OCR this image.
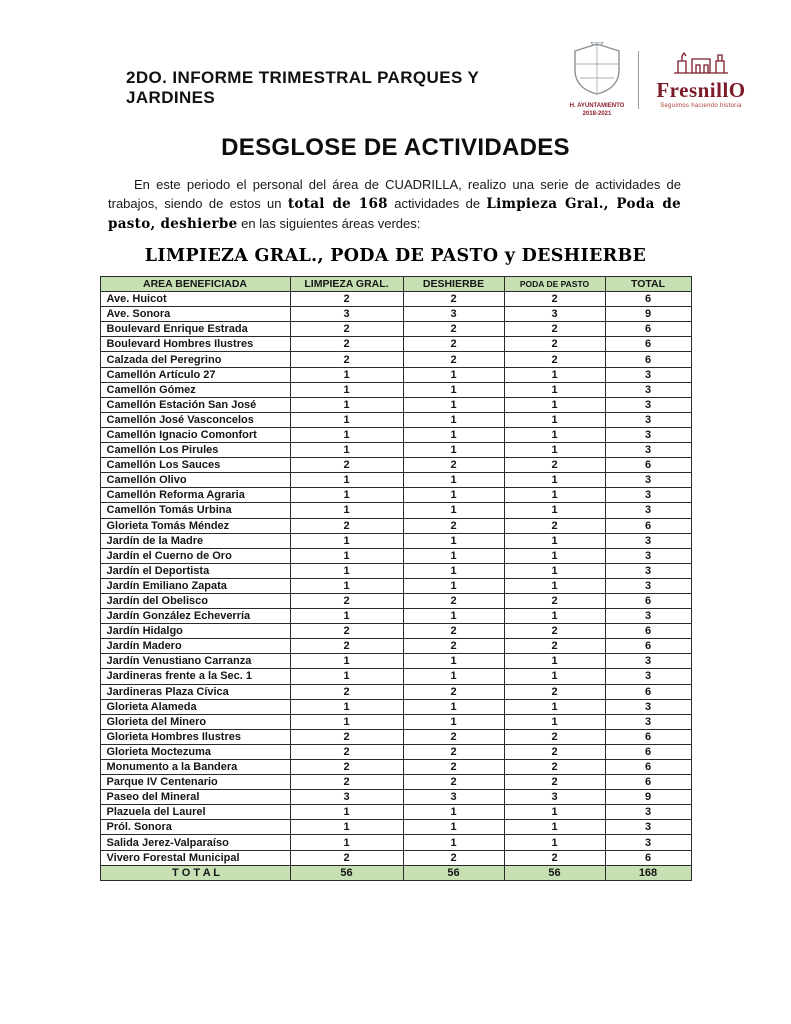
2DO. INFORME TRIMESTRAL PARQUES Y JARDINES	H. AYUNTAMIENTO
2018-2021
FresnillO
Seguimos haciendo historia
DESGLOSE DE ACTIVIDADES

En este periodo el personal del área de CUADRILLA, realizo una serie de actividades de trabajos, siendo de estos un total de 168 actividades de Limpieza Gral., Poda de pasto, deshierbe en las siguientes áreas verdes:

LIMPIEZA GRAL., PODA DE PASTO y DESHIERBE
AREA BENEFICIADA	LIMPIEZA GRAL.	DESHIERBE	PODA DE PASTO	TOTAL
Ave. Huicot	2	2	2	6
Ave. Sonora	3	3	3	9
Boulevard Enrique Estrada	2	2	2	6
Boulevard Hombres Ilustres	2	2	2	6
Calzada del Peregrino	2	2	2	6
Camellón Artículo 27	1	1	1	3
Camellón Gómez	1	1	1	3
Camellón Estación San José	1	1	1	3
Camellón José Vasconcelos	1	1	1	3
Camellón Ignacio Comonfort	1	1	1	3
Camellón Los Pirules	1	1	1	3
Camellón Los Sauces	2	2	2	6
Camellón Olivo	1	1	1	3
Camellón Reforma Agraria	1	1	1	3
Camellón Tomás Urbina	1	1	1	3
Glorieta Tomás Méndez	2	2	2	6
Jardín de la Madre	1	1	1	3
Jardín el Cuerno de Oro	1	1	1	3
Jardín el Deportista	1	1	1	3
Jardín Emiliano Zapata	1	1	1	3
Jardín del Obelisco	2	2	2	6
Jardín González Echeverría	1	1	1	3
Jardín Hidalgo	2	2	2	6
Jardín Madero	2	2	2	6
Jardín Venustiano Carranza	1	1	1	3
Jardineras frente a la Sec. 1	1	1	1	3
Jardineras Plaza Cívica	2	2	2	6
Glorieta Alameda	1	1	1	3
Glorieta del Minero	1	1	1	3
Glorieta Hombres Ilustres	2	2	2	6
Glorieta Moctezuma	2	2	2	6
Monumento a la Bandera	2	2	2	6
Parque IV Centenario	2	2	2	6
Paseo del Mineral	3	3	3	9
Plazuela del Laurel	1	1	1	3
Pról. Sonora	1	1	1	3
Salida Jerez-Valparaíso	1	1	1	3
Vivero Forestal Municipal	2	2	2	6
T O T A L	56	56	56	168
